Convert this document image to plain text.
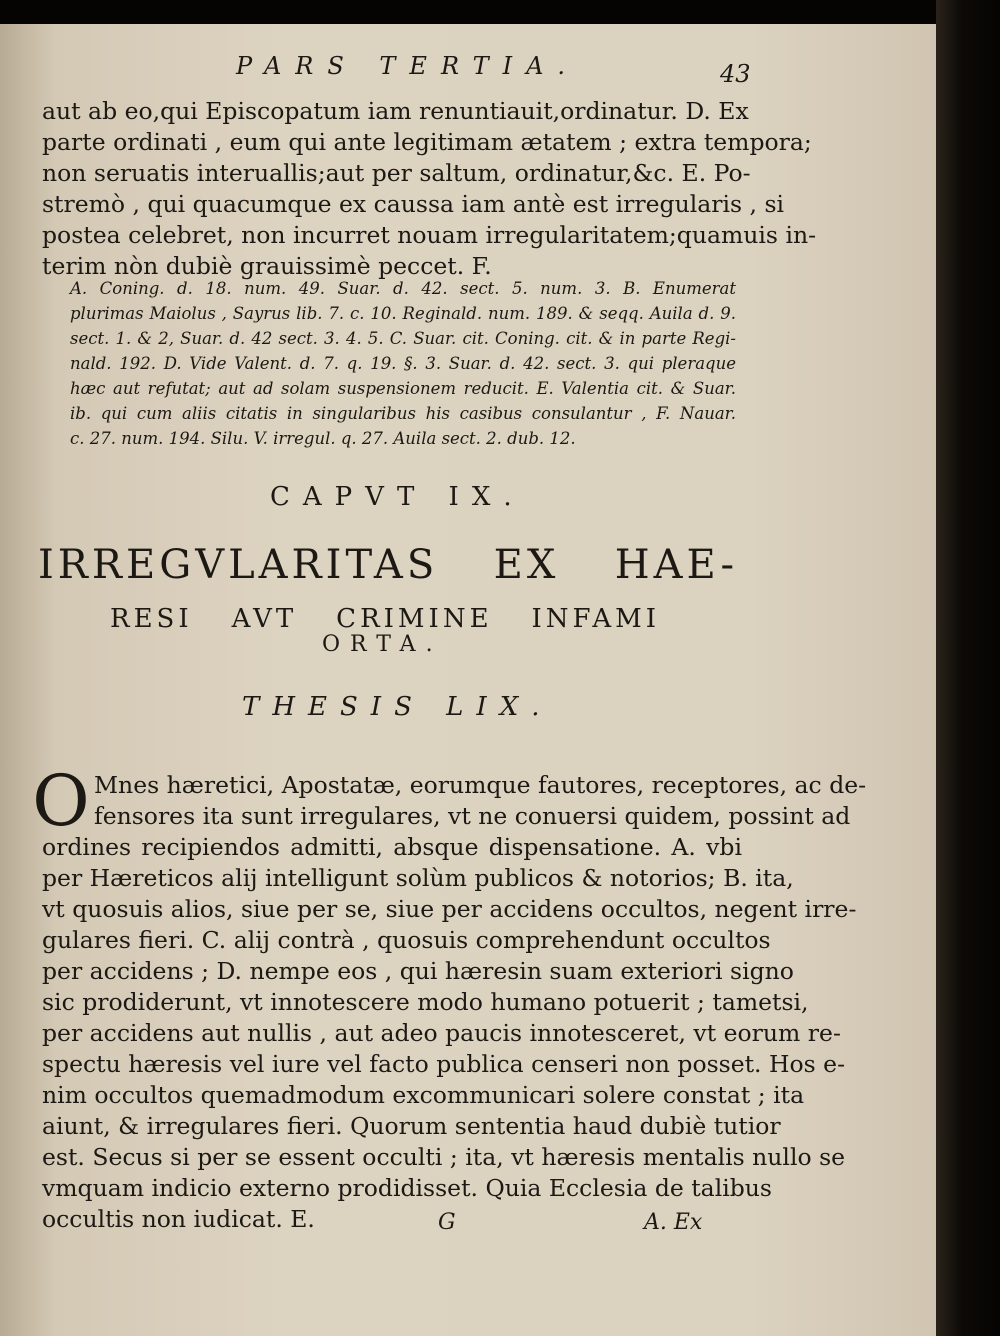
PARS TERTIA.	43
aut ab eo,qui Episcopatum iam renuntiauit,ordinatur. D. Ex
parte ordinati , eum qui ante legitimam ætatem ; extra tempora;
non seruatis interuallis;aut per saltum, ordinatur,&c. E. Po-
stremò , qui quacumque ex caussa iam antè est irregularis , si
postea celebret, non incurret nouam irregularitatem;quamuis in-
terim nòn dubiè grauissimè peccet. F.
A. Coning. d. 18. num. 49. Suar. d. 42. sect. 5. num. 3. B. Enumerat
plurimas Maiolus , Sayrus lib. 7. c. 10. Reginald. num. 189. & seqq. Auila d. 9.
sect. 1. & 2, Suar. d. 42 sect. 3. 4. 5. C. Suar. cit. Coning. cit. & in parte Regi-
nald. 192. D. Vide Valent. d. 7. q. 19. §. 3. Suar. d. 42. sect. 3. qui pleraque
hæc aut refutat; aut ad solam suspensionem reducit. E. Valentia cit. & Suar.
ib. qui cum aliis citatis in singularibus his casibus consulantur , F. Nauar.
c. 27. num. 194. Silu. V. irregul. q. 27. Auila sect. 2. dub. 12.
CAPVT IX.
IRREGVLARITAS EX HAE-
RESI AVT CRIMINE INFAMI
ORTA.
THESIS LIX.
O Mnes hæretici, Apostatæ, eorumque fautores, receptores, ac de-
fensores ita sunt irregulares, vt ne conuersi quidem, possint ad
ordines recipiendos admitti, absque dispensatione. A. vbi
per Hæreticos alij intelligunt solùm publicos & notorios; B. ita,
vt quosuis alios, siue per se, siue per accidens occultos, negent irre-
gulares fieri. C. alij contrà , quosuis comprehendunt occultos
per accidens ; D. nempe eos , qui hæresin suam exteriori signo
sic prodiderunt, vt innotescere modo humano potuerit ; tametsi,
per accidens aut nullis , aut adeo paucis innotesceret, vt eorum re-
spectu hæresis vel iure vel facto publica censeri non posset. Hos e-
nim occultos quemadmodum excommunicari solere constat ; ita
aiunt, & irregulares fieri. Quorum sententia haud dubiè tutior
est. Secus si per se essent occulti ; ita, vt hæresis mentalis nullo se
vmquam indicio externo prodidisset. Quia Ecclesia de talibus
occultis non iudicat. E.	G	A. Ex
